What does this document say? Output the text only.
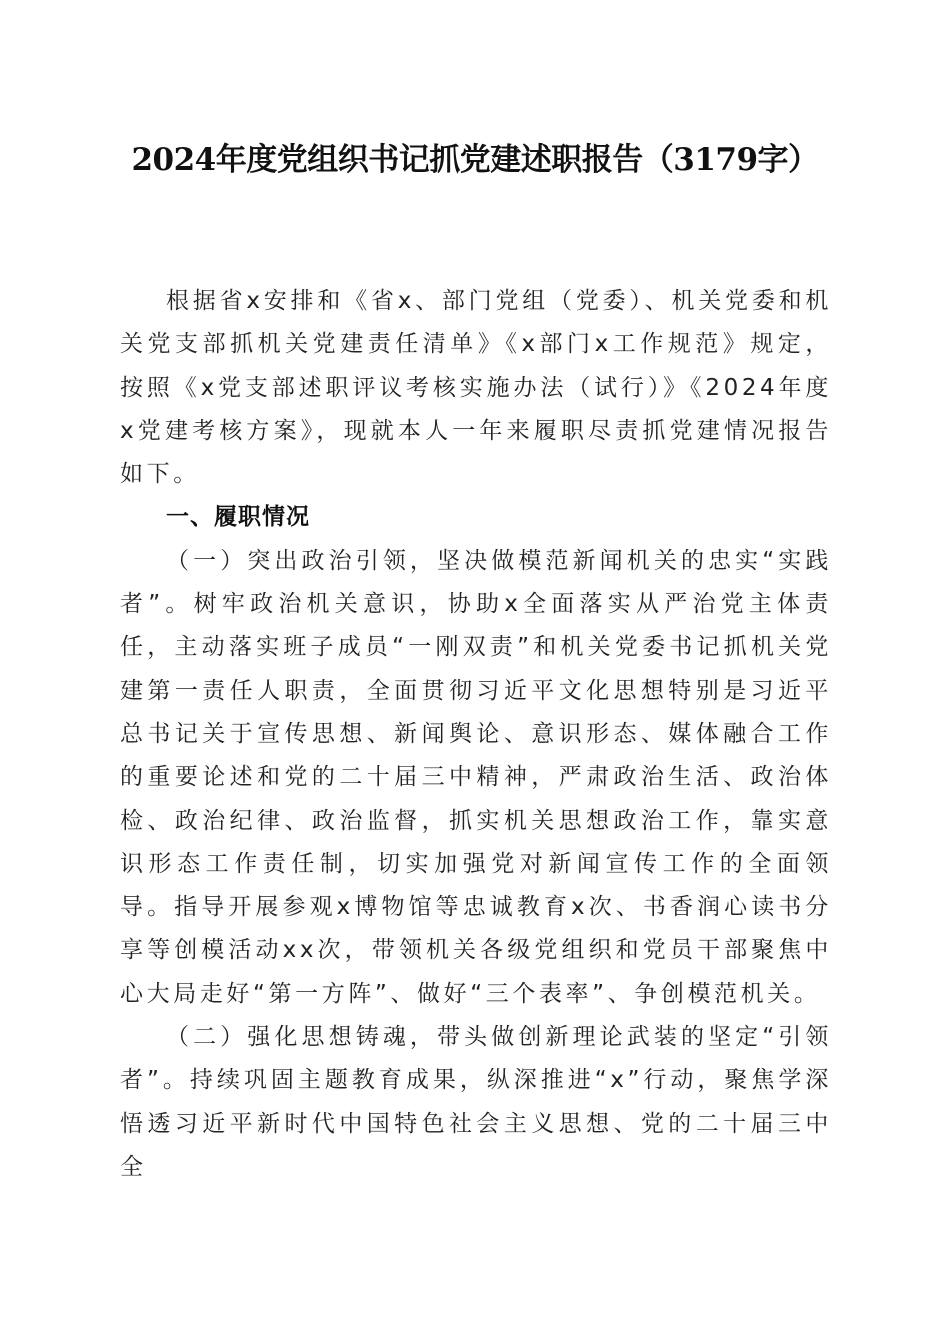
2024年度党组织书记抓党建述职报告（3179字）

根据省x安排和《省x、部门党组（党委）、机关党委和机关党支部抓机关党建责任清单》《x部门x工作规范》规定，按照《x党支部述职评议考核实施办法（试行）》《2024年度x党建考核方案》，现就本人一年来履职尽责抓党建情况报告如下。

一、履职情况

（一）突出政治引领，坚决做模范新闻机关的忠实“实践者”。树牢政治机关意识，协助x全面落实从严治党主体责任，主动落实班子成员“一刚双责”和机关党委书记抓机关党建第一责任人职责，全面贯彻习近平文化思想特别是习近平总书记关于宣传思想、新闻舆论、意识形态、媒体融合工作的重要论述和党的二十届三中精神，严肃政治生活、政治体检、政治纪律、政治监督，抓实机关思想政治工作，靠实意识形态工作责任制，切实加强党对新闻宣传工作的全面领导。指导开展参观x博物馆等忠诚教育x次、书香润心读书分享等创模活动xx次，带领机关各级党组织和党员干部聚焦中心大局走好“第一方阵”、做好“三个表率”、争创模范机关。

（二）强化思想铸魂，带头做创新理论武装的坚定“引领者”。持续巩固主题教育成果，纵深推进“x”行动，聚焦学深悟透习近平新时代中国特色社会主义思想、党的二十届三中全
